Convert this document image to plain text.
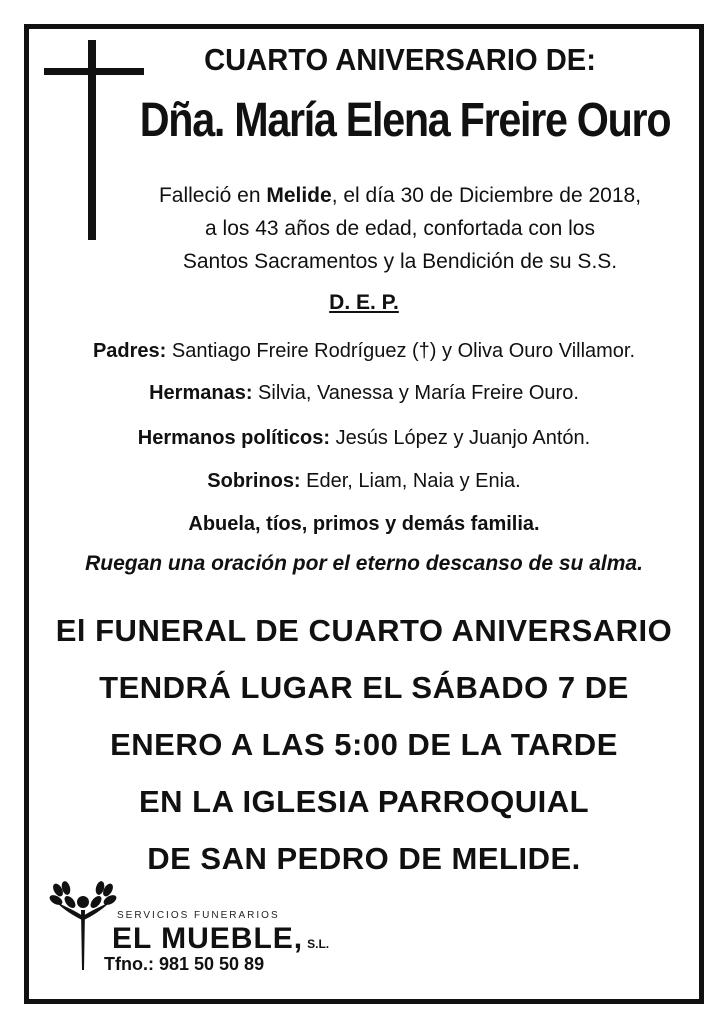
CUARTO ANIVERSARIO DE:
Dña. María Elena Freire Ouro
Falleció en Melide, el día 30 de Diciembre de 2018,
a los 43 años de edad, confortada con los
Santos Sacramentos y la Bendición de su S.S.
D. E. P.
Padres: Santiago Freire Rodríguez (†) y Oliva Ouro Villamor.
Hermanas: Silvia, Vanessa y María Freire Ouro.
Hermanos políticos: Jesús López y Juanjo Antón.
Sobrinos: Eder, Liam, Naia y Enia.
Abuela, tíos, primos y demás familia.
Ruegan una oración por el eterno descanso de su alma.
El FUNERAL DE CUARTO ANIVERSARIO
TENDRÁ LUGAR EL SÁBADO 7 DE
ENERO A LAS 5:00 DE LA TARDE
EN LA IGLESIA PARROQUIAL
DE SAN PEDRO DE MELIDE.
SERVICIOS FUNERARIOS
EL MUEBLE, S.L.
Tfno.: 981 50 50 89
